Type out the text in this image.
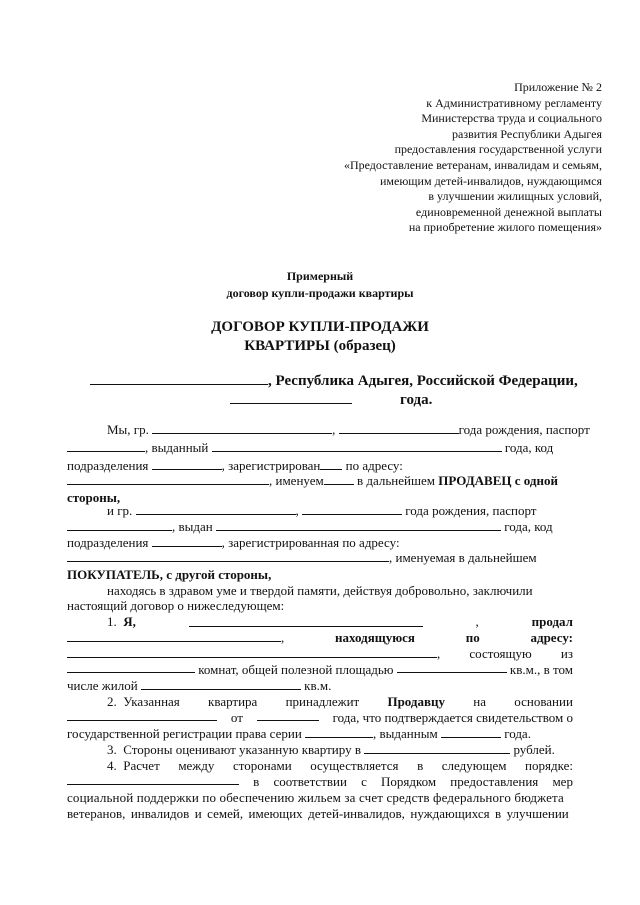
Приложение № 2
к Административному регламенту
Министерства труда и социального
развития Республики Адыгея
предоставления государственной услуги
«Предоставление ветеранам, инвалидам и семьям,
имеющим детей-инвалидов, нуждающимся
в улучшении жилищных условий,
единовременной денежной выплаты
на приобретение жилого помещения»
Примерный
договор купли-продажи квартиры
ДОГОВОР КУПЛИ-ПРОДАЖИ
КВАРТИРЫ (образец)
, Республика Адыгея, Российской Федерации,
года.
Мы, гр.	,	года рождения, паспорт
, выданный	года, код
подразделения	, зарегистрирован по адресу:
, именуем	в дальнейшем ПРОДАВЕЦ с одной
стороны,
и гр.	,	года рождения, паспорт
, выдан	года, код
подразделения	, зарегистрированная по адресу:
, именуемая в дальнейшем
ПОКУПАТЕЛЬ, с другой стороны,
находясь в здравом уме и твердой памяти, действуя добровольно, заключили
настоящий договор о нижеследующем:
1. Я,	,	продал
,	находящуюся	по	адресу:
, состоящую из
комнат, общей полезной площадью	кв.м., в том
числе жилой	кв.м.
2. Указанная квартира принадлежит Продавцу на основании
от	года, что подтверждается свидетельством о
государственной регистрации права серии	, выданным	года.
3. Стороны оценивают указанную квартиру в	рублей.
4. Расчет между сторонами осуществляется в следующем порядке:
в соответствии с Порядком предоставления мер
социальной поддержки по обеспечению жильем за счет средств федерального бюджета
ветеранов, инвалидов и семей, имеющих детей-инвалидов, нуждающихся в улучшении
